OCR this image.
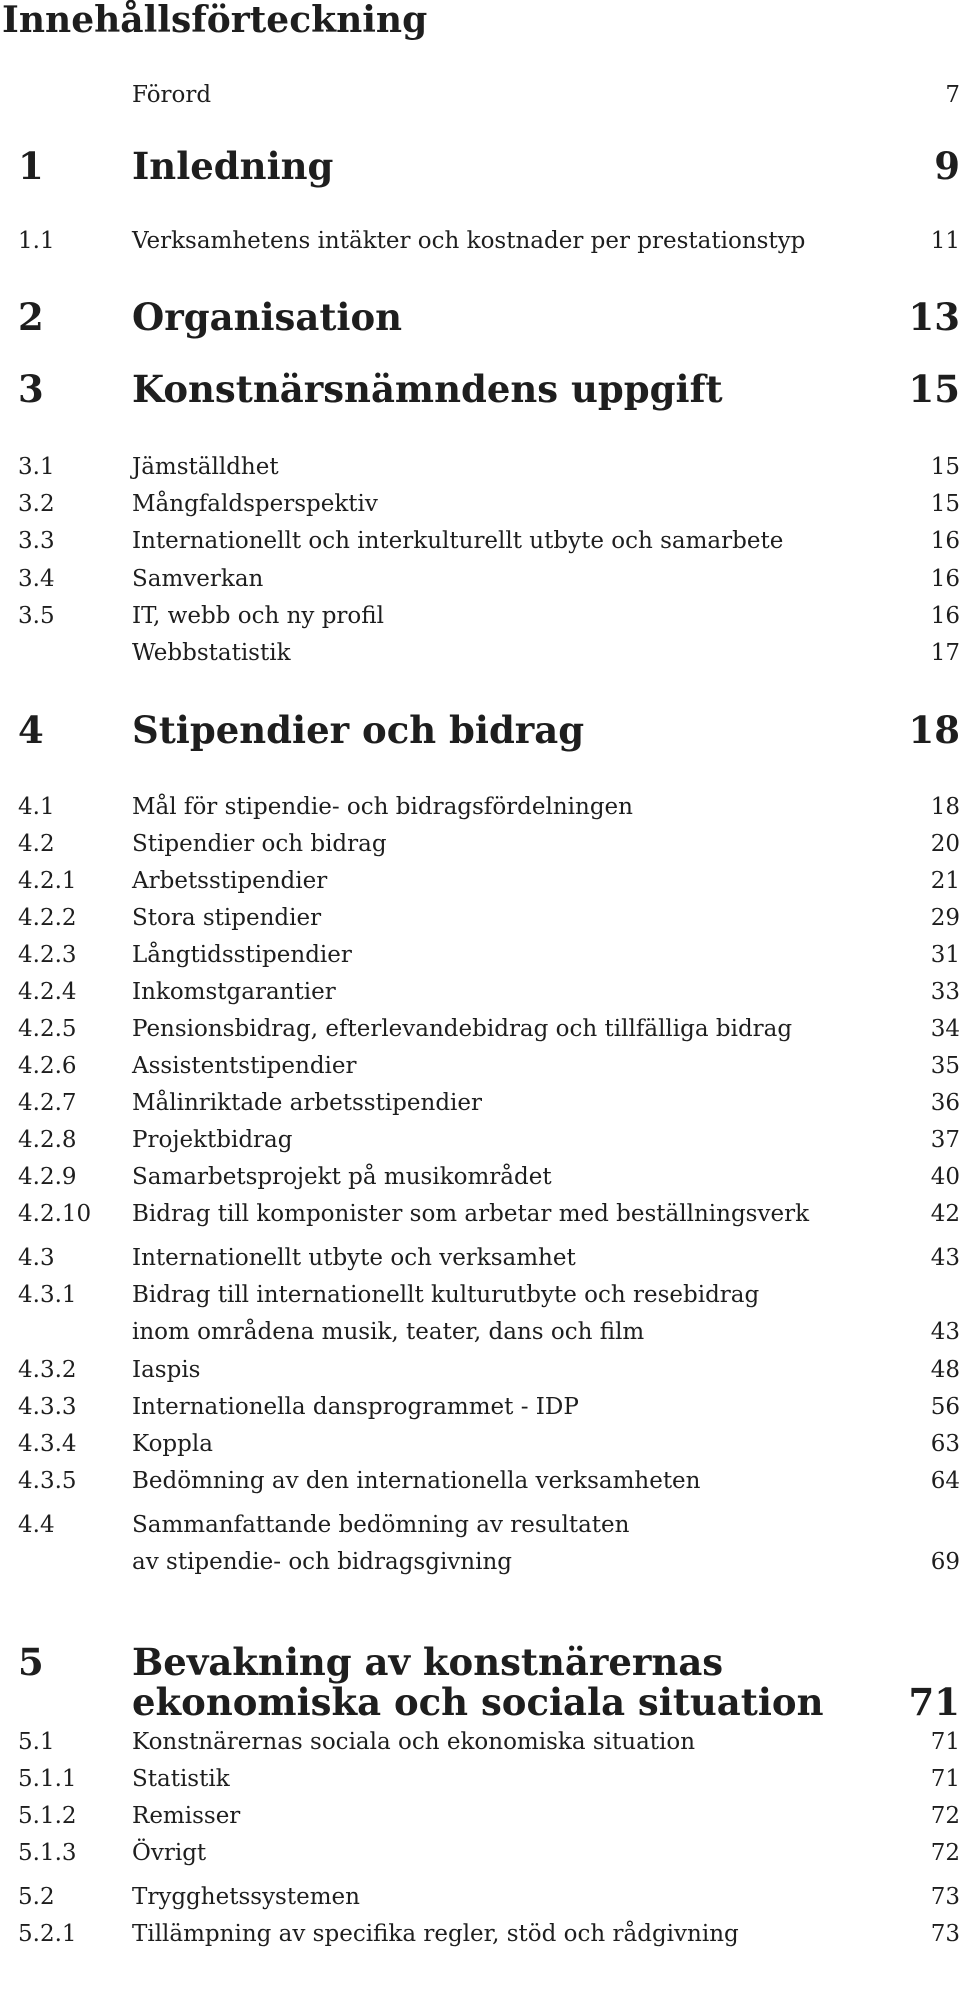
Innehållsförteckning
Förord	7
1 Inledning	9
1.1	Verksamhetens intäkter och kostnader per prestationstyp	11
2 Organisation	13
3 Konstnärsnämndens uppgift	15
3.1	Jämställdhet	15
3.2	Mångfaldsperspektiv	15
3.3	Internationellt och interkulturellt utbyte och samarbete	16
3.4	Samverkan	16
3.5	IT, webb och ny profil	16
Webbstatistik	17
4 Stipendier och bidrag	18
4.1	Mål för stipendie- och bidragsfördelningen	18
4.2	Stipendier och bidrag	20
4.2.1 Arbetsstipendier	21
4.2.2 Stora stipendier	29
4.2.3 Långtidsstipendier	31
4.2.4 Inkomstgarantier	33
4.2.5 Pensionsbidrag, efterlevandebidrag och tillfälliga bidrag	34
4.2.6 Assistentstipendier	35
4.2.7 Målinriktade arbetsstipendier	36
4.2.8 Projektbidrag	37
4.2.9 Samarbetsprojekt på musikområdet	40
4.2.10 Bidrag till komponister som arbetar med beställningsverk	42
4.3	Internationellt utbyte och verksamhet	43
4.3.1 Bidrag till internationellt kulturutbyte och resebidrag
inom områdena musik, teater, dans och film	43
4.3.2 Iaspis	48
4.3.3 Internationella dansprogrammet - IDP	56
4.3.4 Koppla	63
4.3.5 Bedömning av den internationella verksamheten	64
4.4	Sammanfattande bedömning av resultaten
av stipendie- och bidragsgivning	69
5 Bevakning av konstnärernas
ekonomiska och sociala situation 71
5.1	Konstnärernas sociala och ekonomiska situation	71
5.1.1 Statistik	71
5.1.2 Remisser	72
5.1.3 Övrigt	72
5.2	Trygghetssystemen	73
5.2.1 Tillämpning av specifika regler, stöd och rådgivning	73
